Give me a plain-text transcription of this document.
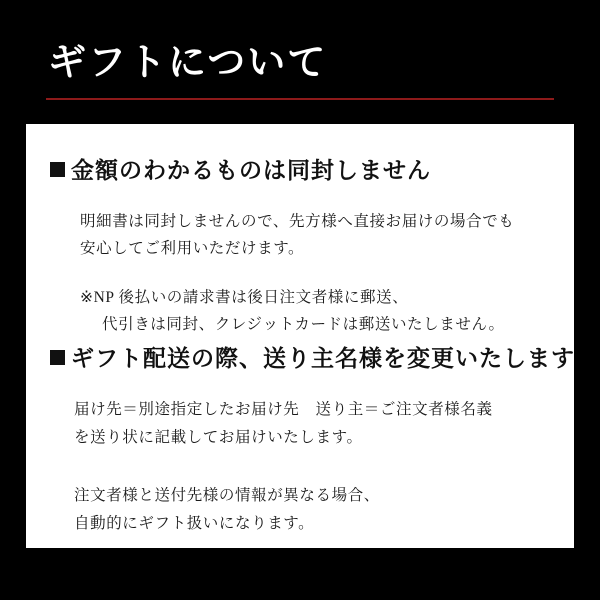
ギフトについて
金額のわかるものは同封しません

明細書は同封しませんので、先方様へ直接お届けの場合でも

安心してご利用いただけます。

※NP 後払いの請求書は後日注文者様に郵送、

代引きは同封、クレジットカードは郵送いたしません。

ギフト配送の際、送り主名様を変更いたします

届け先＝別途指定したお届け先　送り主＝ご注文者様名義

を送り状に記載してお届けいたします。

注文者様と送付先様の情報が異なる場合、

自動的にギフト扱いになります。
